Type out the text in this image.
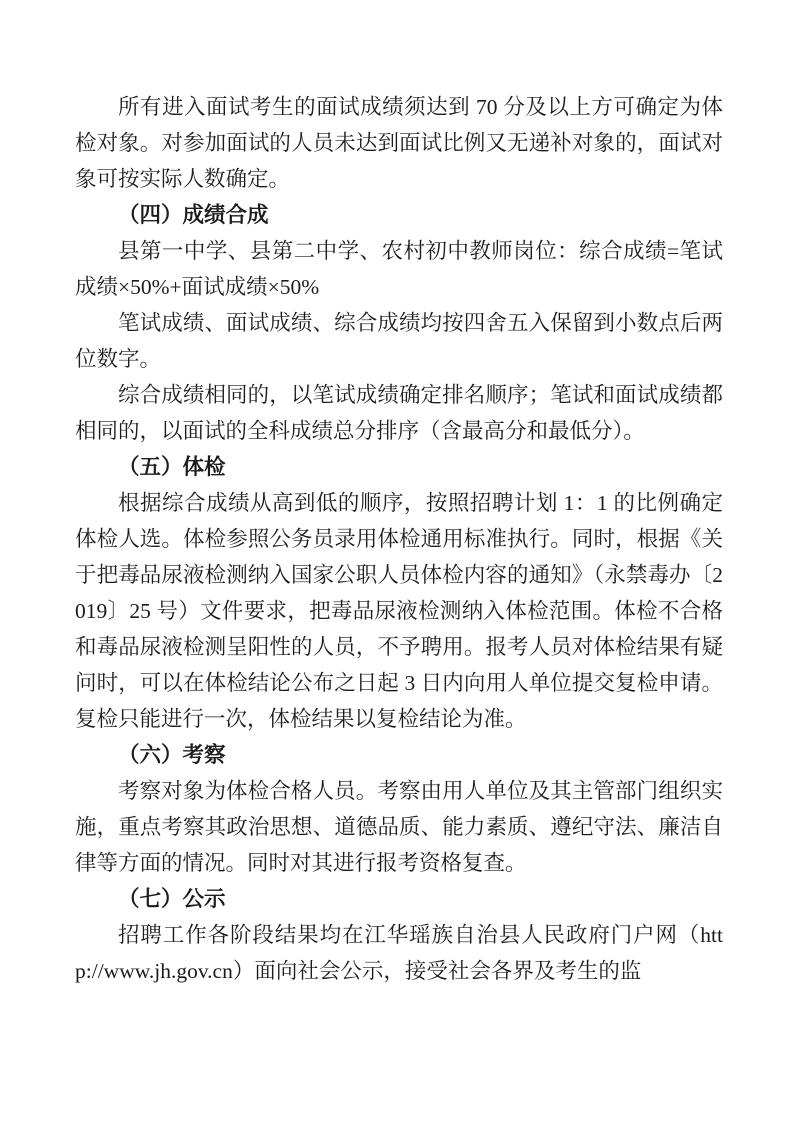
所有进入面试考生的面试成绩须达到 70 分及以上方可确定为体检对象。对参加面试的人员未达到面试比例又无递补对象的，面试对象可按实际人数确定。

（四）成绩合成

县第一中学、县第二中学、农村初中教师岗位：综合成绩=笔试成绩×50%+面试成绩×50%

笔试成绩、面试成绩、综合成绩均按四舍五入保留到小数点后两位数字。

综合成绩相同的，以笔试成绩确定排名顺序；笔试和面试成绩都相同的，以面试的全科成绩总分排序（含最高分和最低分）。

（五）体检

根据综合成绩从高到低的顺序，按照招聘计划 1：1 的比例确定体检人选。体检参照公务员录用体检通用标准执行。同时，根据《关于把毒品尿液检测纳入国家公职人员体检内容的通知》（永禁毒办〔2019〕25 号）文件要求，把毒品尿液检测纳入体检范围。体检不合格和毒品尿液检测呈阳性的人员，不予聘用。报考人员对体检结果有疑问时，可以在体检结论公布之日起 3 日内向用人单位提交复检申请。复检只能进行一次，体检结果以复检结论为准。

（六）考察

考察对象为体检合格人员。考察由用人单位及其主管部门组织实施，重点考察其政治思想、道德品质、能力素质、遵纪守法、廉洁自律等方面的情况。同时对其进行报考资格复查。

（七）公示

招聘工作各阶段结果均在江华瑶族自治县人民政府门户网（http://www.jh.gov.cn）面向社会公示，接受社会各界及考生的监
